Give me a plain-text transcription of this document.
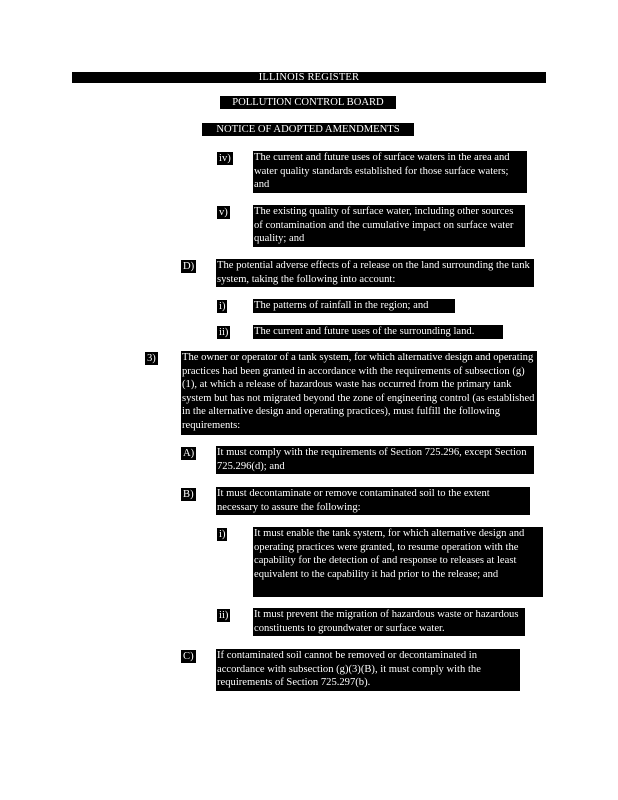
ILLINOIS REGISTER
POLLUTION CONTROL BOARD
NOTICE OF ADOPTED AMENDMENTS
iv) The current and future uses of surface waters in the area and water quality standards established for those surface waters; and
v) The existing quality of surface water, including other sources of contamination and the cumulative impact on surface water quality; and
D) The potential adverse effects of a release on the land surrounding the tank system, taking the following into account:
i)	The patterns of rainfall in the region; and
ii) The current and future uses of the surrounding land.
3) The owner or operator of a tank system, for which alternative design and operating practices had been granted in accordance with the requirements of subsection (g)(1), at which a release of hazardous waste has occurred from the primary tank system but has not migrated beyond the zone of engineering control (as established in the alternative design and operating practices), must fulfill the following requirements:
A) It must comply with the requirements of Section 725.296, except Section 725.296(d); and
B) It must decontaminate or remove contaminated soil to the extent necessary to assure the following:
i)	It must enable the tank system, for which alternative design and operating practices were granted, to resume operation with the capability for the detection of and response to releases at least equivalent to the capability it had prior to the release; and
ii) It must prevent the migration of hazardous waste or hazardous constituents to groundwater or surface water.
C) If contaminated soil cannot be removed or decontaminated in accordance with subsection (g)(3)(B), it must comply with the requirements of Section 725.297(b).
